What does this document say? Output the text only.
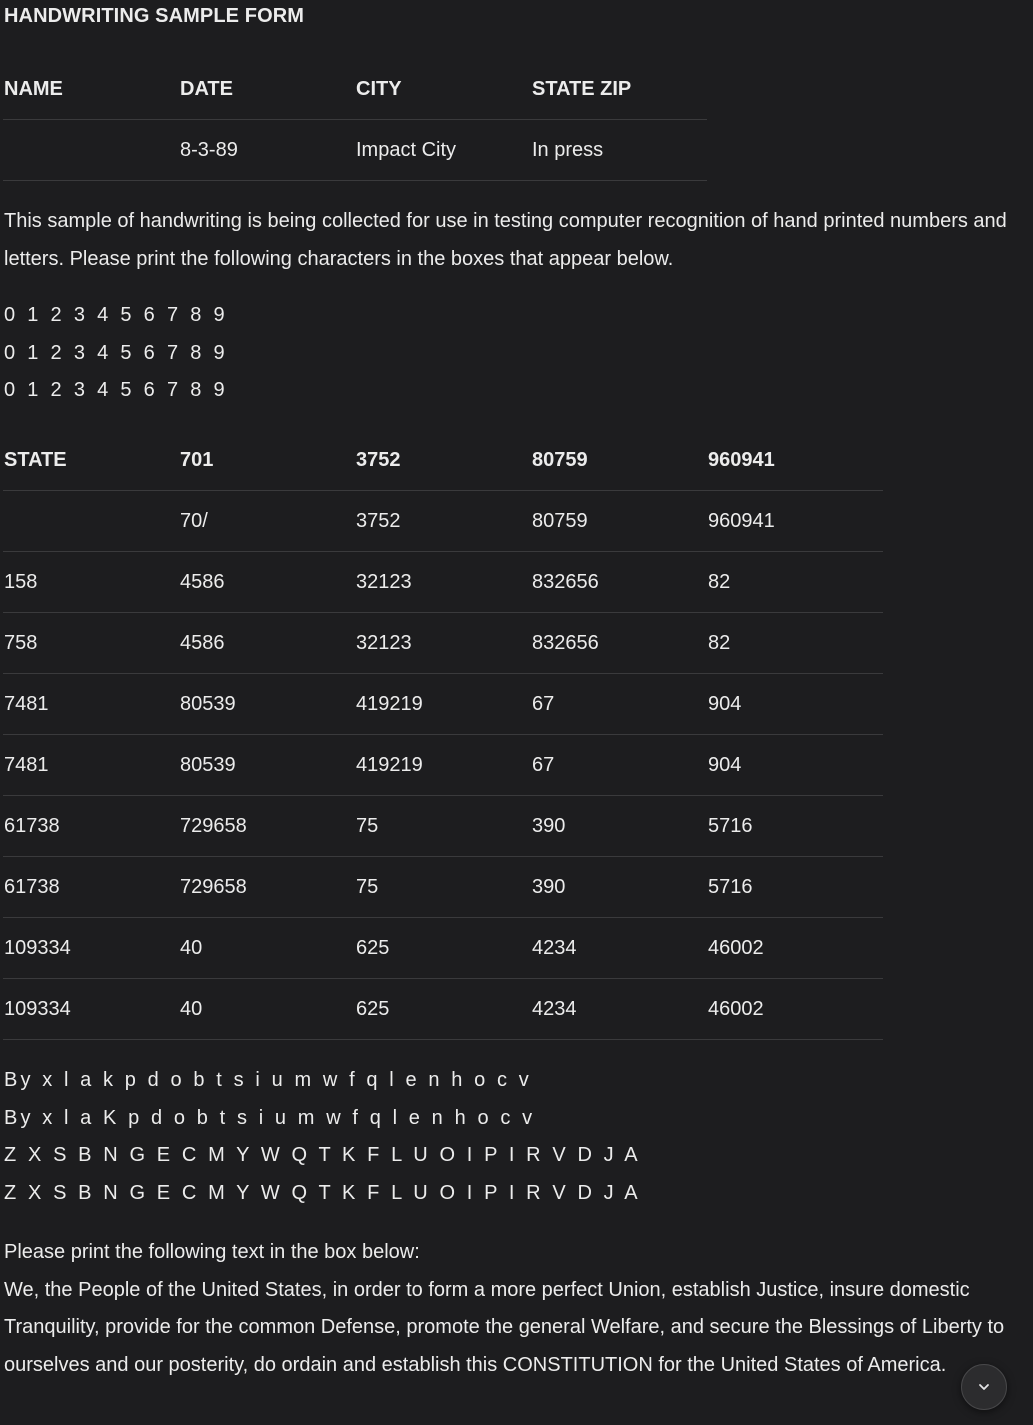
HANDWRITING SAMPLE FORM
NAME	DATE	CITY	STATE ZIP
	8-3-89	Impact City	In press
This sample of handwriting is being collected for use in testing computer recognition of hand printed numbers and letters. Please print the following characters in the boxes that appear below.
0 1 2 3 4 5 6 7 8 9
0 1 2 3 4 5 6 7 8 9
0 1 2 3 4 5 6 7 8 9
STATE	701	3752	80759	960941
	70/	3752	80759	960941
158	4586	32123	832656	82
758	4586	32123	832656	82
7481	80539	419219	67	904
7481	80539	419219	67	904
61738	729658	75	390	5716
61738	729658	75	390	5716
109334	40	625	4234	46002
109334	40	625	4234	46002
By x l a k p d o b t s i u m w f q l e n h o c v
By x l a K p d o b t s i u m w f q l e n h o c v
Z X S B N G E C M Y W Q T K F L U O I P I R V D J A
Z X S B N G E C M Y W Q T K F L U O I P I R V D J A
Please print the following text in the box below:
We, the People of the United States, in order to form a more perfect Union, establish Justice, insure domestic Tranquility, provide for the common Defense, promote the general Welfare, and secure the Blessings of Liberty to ourselves and our posterity, do ordain and establish this CONSTITUTION for the United States of America.
